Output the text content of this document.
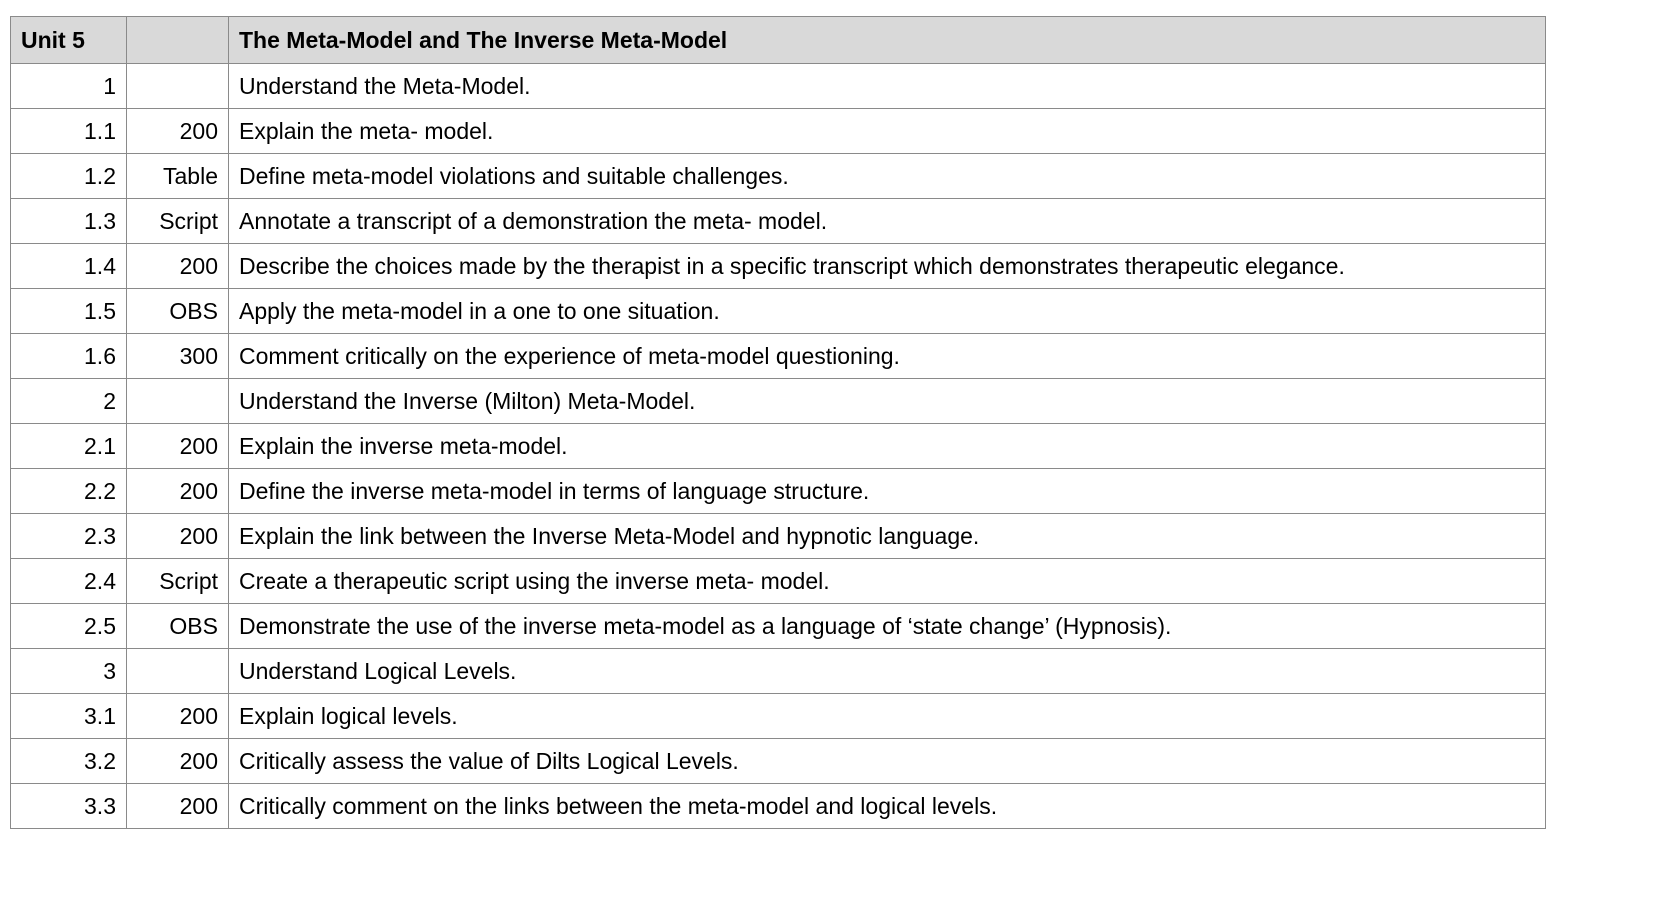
Unit 5		The Meta-Model and The Inverse Meta-Model
1		Understand the Meta-Model.
1.1	200	Explain the meta- model.
1.2	Table	Define meta-model violations and suitable challenges.
1.3	Script	Annotate a transcript of a demonstration the meta- model.
1.4	200	Describe the choices made by the therapist in a specific transcript which demonstrates therapeutic elegance.
1.5	OBS	Apply the meta-model in a one to one situation.
1.6	300	Comment critically on the experience of meta-model questioning.
2		Understand the Inverse (Milton) Meta-Model.
2.1	200	Explain the inverse meta-model.
2.2	200	Define the inverse meta-model in terms of language structure.
2.3	200	Explain the link between the Inverse Meta-Model and hypnotic language.
2.4	Script	Create a therapeutic script using the inverse meta- model.
2.5	OBS	Demonstrate the use of the inverse meta-model as a language of ‘state change’ (Hypnosis).
3		Understand Logical Levels.
3.1	200	Explain logical levels.
3.2	200	Critically assess the value of Dilts Logical Levels.
3.3	200	Critically comment on the links between the meta-model and logical levels.
